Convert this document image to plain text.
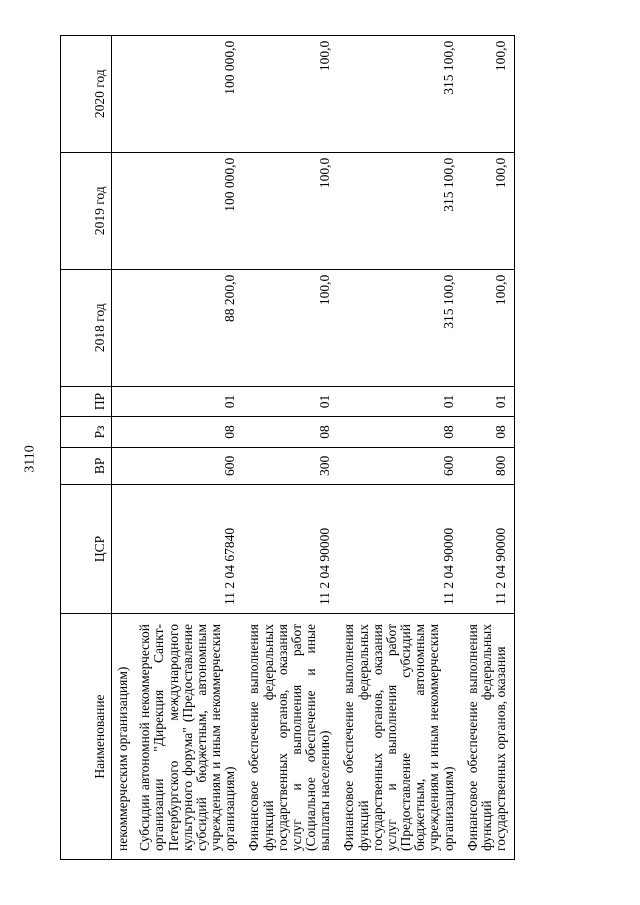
3110
Наименование	ЦСР	ВР	Рз	ПР	2018 год	2019 год	2020 год
некоммерческим организациям)							
Субсидии автономной некоммерческой организации "Дирекция Санкт-Петербургского международного культурного форума" (Предоставление субсидий бюджетным, автономным учреждениям и иным некоммерческим организациям)	11 2 04 67840	600	08	01	88 200,0	100 000,0	100 000,0
Финансовое обеспечение выполнения функций федеральных государственных органов, оказания услуг и выполнения работ (Социальное обеспечение и иные выплаты населению)	11 2 04 90000	300	08	01	100,0	100,0	100,0
Финансовое обеспечение выполнения функций федеральных государственных органов, оказания услуг и выполнения работ (Предоставление субсидий бюджетным, автономным учреждениям и иным некоммерческим организациям)	11 2 04 90000	600	08	01	315 100,0	315 100,0	315 100,0
Финансовое обеспечение выполнения функций федеральных государственных органов, оказания	11 2 04 90000	800	08	01	100,0	100,0	100,0
